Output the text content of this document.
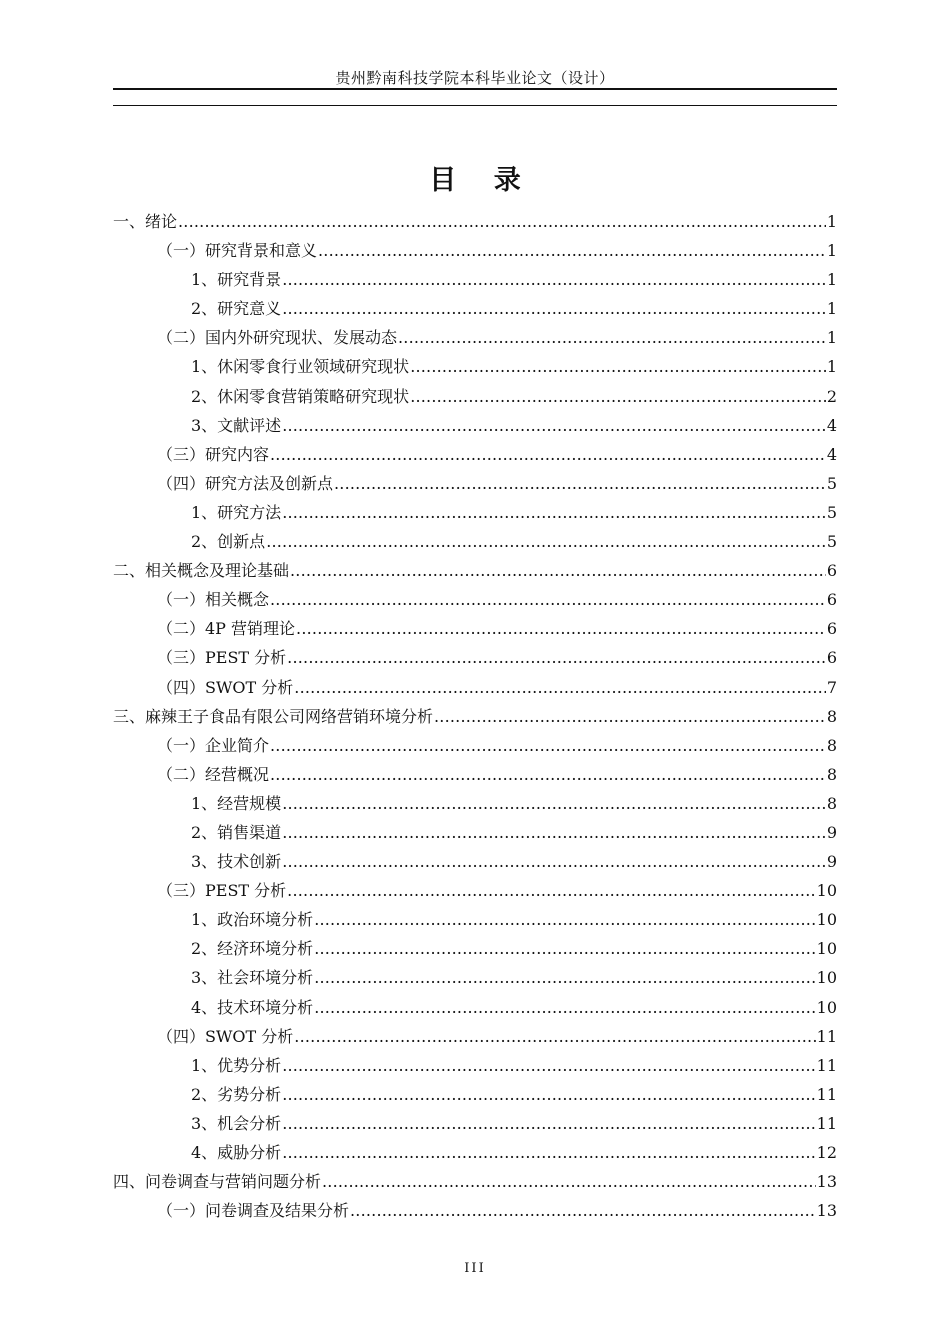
贵州黔南科技学院本科毕业论文（设计）
目 录
一、绪论 .....	1
（一）研究背景和意义 .....	1
1、研究背景 .....	1
2、研究意义 .....	1
（二）国内外研究现状、发展动态 .....	1
1、休闲零食行业领域研究现状 .....	1
2、休闲零食营销策略研究现状 .....	2
3、文献评述 .....	4
（三）研究内容 .....	4
（四）研究方法及创新点 .....	5
1、研究方法 .....	5
2、创新点 .....	5
二、相关概念及理论基础 .....	6
（一）相关概念 .....	6
（二）4P 营销理论 .....	6
（三）PEST 分析 .....	6
（四）SWOT 分析 .....	7
三、麻辣王子食品有限公司网络营销环境分析 .....	8
（一）企业简介 .....	8
（二）经营概况 .....	8
1、经营规模 .....	8
2、销售渠道 .....	9
3、技术创新 .....	9
（三）PEST 分析 .....	10
1、政治环境分析 .....	10
2、经济环境分析 .....	10
3、社会环境分析 .....	10
4、技术环境分析 .....	10
（四）SWOT 分析 .....	11
1、优势分析 .....	11
2、劣势分析 .....	11
3、机会分析 .....	11
4、威胁分析 .....	12
四、问卷调查与营销问题分析 .....	13
（一）问卷调查及结果分析 .....	13
III
